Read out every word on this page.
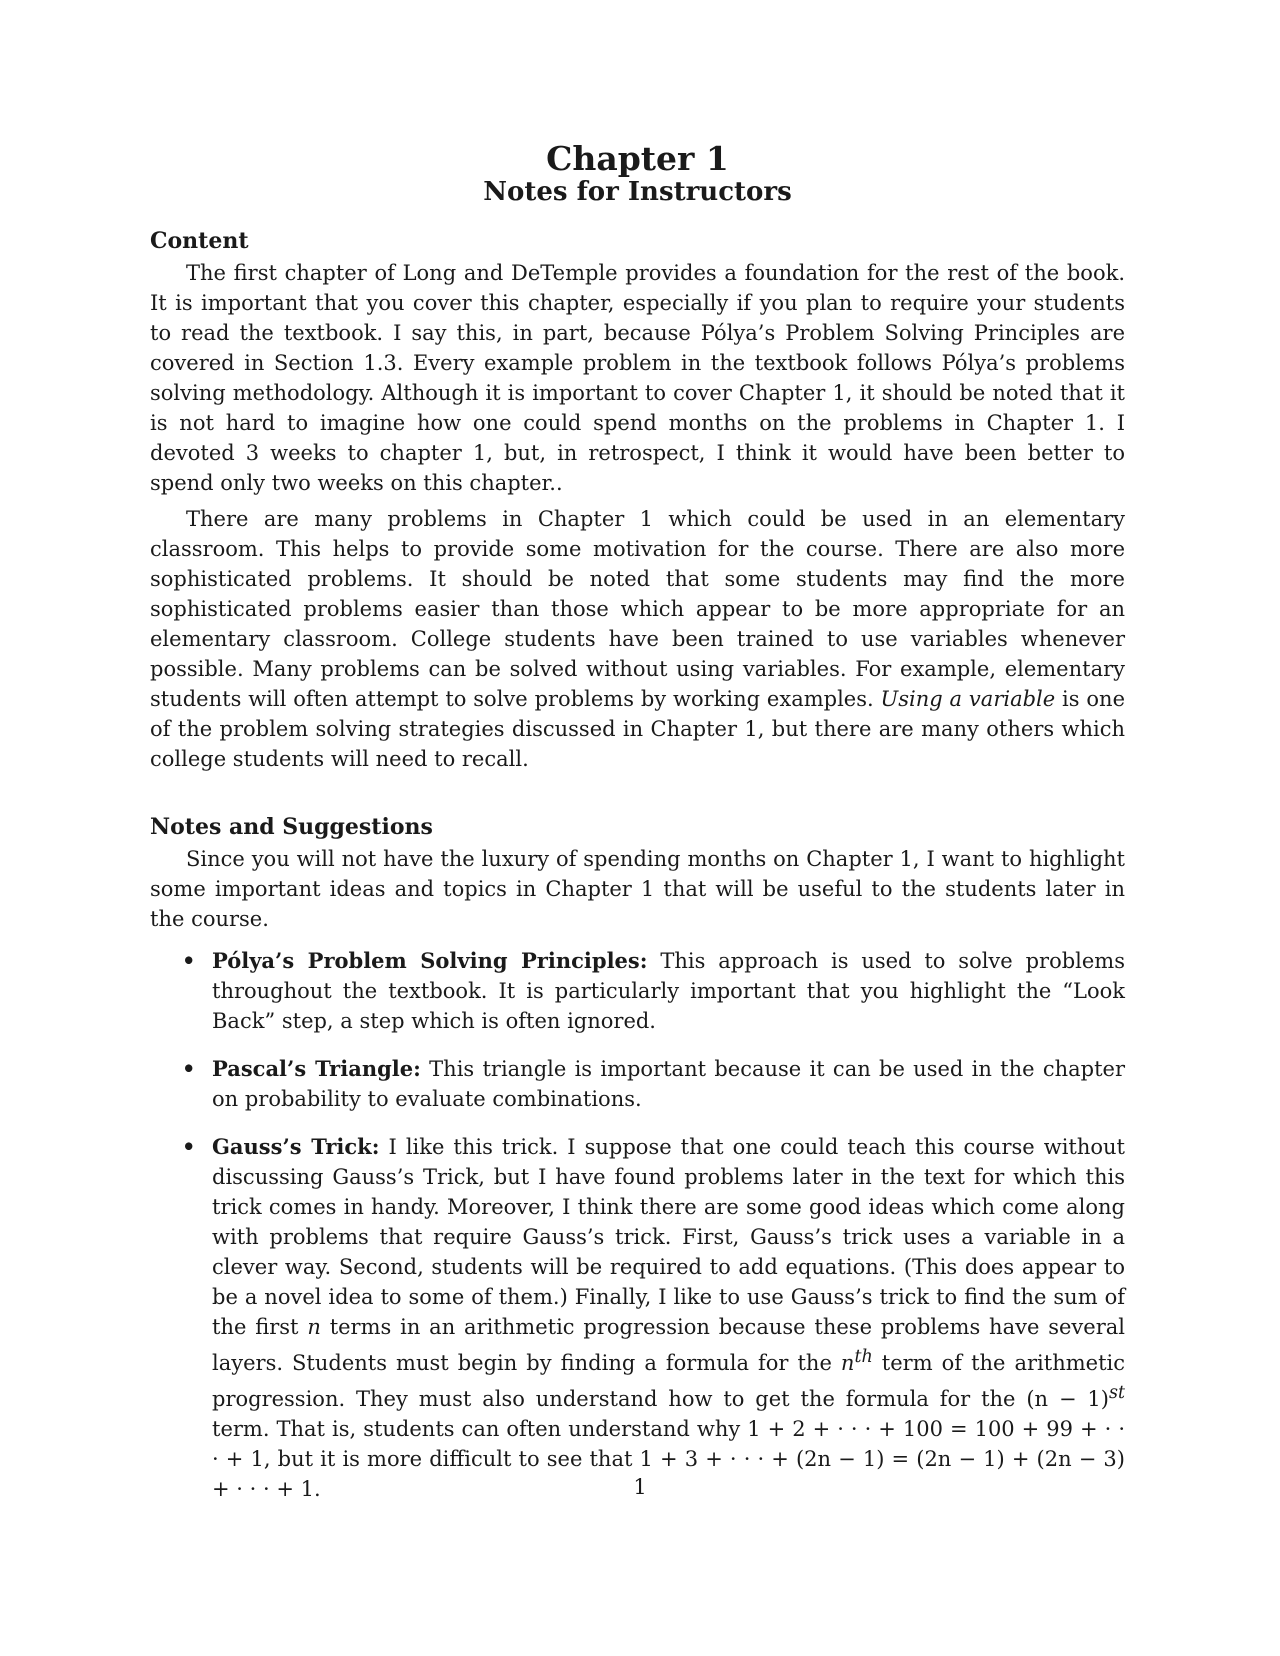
Chapter 1
Notes for Instructors
Content

The first chapter of Long and DeTemple provides a foundation for the rest of the book. It is important that you cover this chapter, especially if you plan to require your students to read the textbook. I say this, in part, because Pólya’s Problem Solving Principles are covered in Section 1.3. Every example problem in the textbook follows Pólya’s problems solving methodology. Although it is important to cover Chapter 1, it should be noted that it is not hard to imagine how one could spend months on the problems in Chapter 1. I devoted 3 weeks to chapter 1, but, in retrospect, I think it would have been better to spend only two weeks on this chapter..

There are many problems in Chapter 1 which could be used in an elementary classroom. This helps to provide some motivation for the course. There are also more sophisticated problems. It should be noted that some students may find the more sophisticated problems easier than those which appear to be more appropriate for an elementary classroom. College students have been trained to use variables whenever possible. Many problems can be solved without using variables. For example, elementary students will often attempt to solve problems by working examples. Using a variable is one of the problem solving strategies discussed in Chapter 1, but there are many others which college students will need to recall.

Notes and Suggestions

Since you will not have the luxury of spending months on Chapter 1, I want to highlight some important ideas and topics in Chapter 1 that will be useful to the students later in the course.

• Pólya’s Problem Solving Principles: This approach is used to solve problems throughout the textbook. It is particularly important that you highlight the “Look Back” step, a step which is often ignored.
• Pascal’s Triangle: This triangle is important because it can be used in the chapter on probability to evaluate combinations.
• Gauss’s Trick: I like this trick. I suppose that one could teach this course without discussing Gauss’s Trick, but I have found problems later in the text for which this trick comes in handy. Moreover, I think there are some good ideas which come along with problems that require Gauss’s trick. First, Gauss’s trick uses a variable in a clever way. Second, students will be required to add equations. (This does appear to be a novel idea to some of them.) Finally, I like to use Gauss’s trick to find the sum of the first n terms in an arithmetic progression because these problems have several layers. Students must begin by finding a formula for the $n^{th}$ term of the arithmetic progression. They must also understand how to get the formula for the $(n - 1)^{st}$ term. That is, students can often understand why 1 + 2 + · · · + 100 = 100 + 99 + · · · + 1, but it is more difficult to see that 1 + 3 + · · · + (2n − 1) = (2n − 1) + (2n − 3) + · · · + 1.	1
